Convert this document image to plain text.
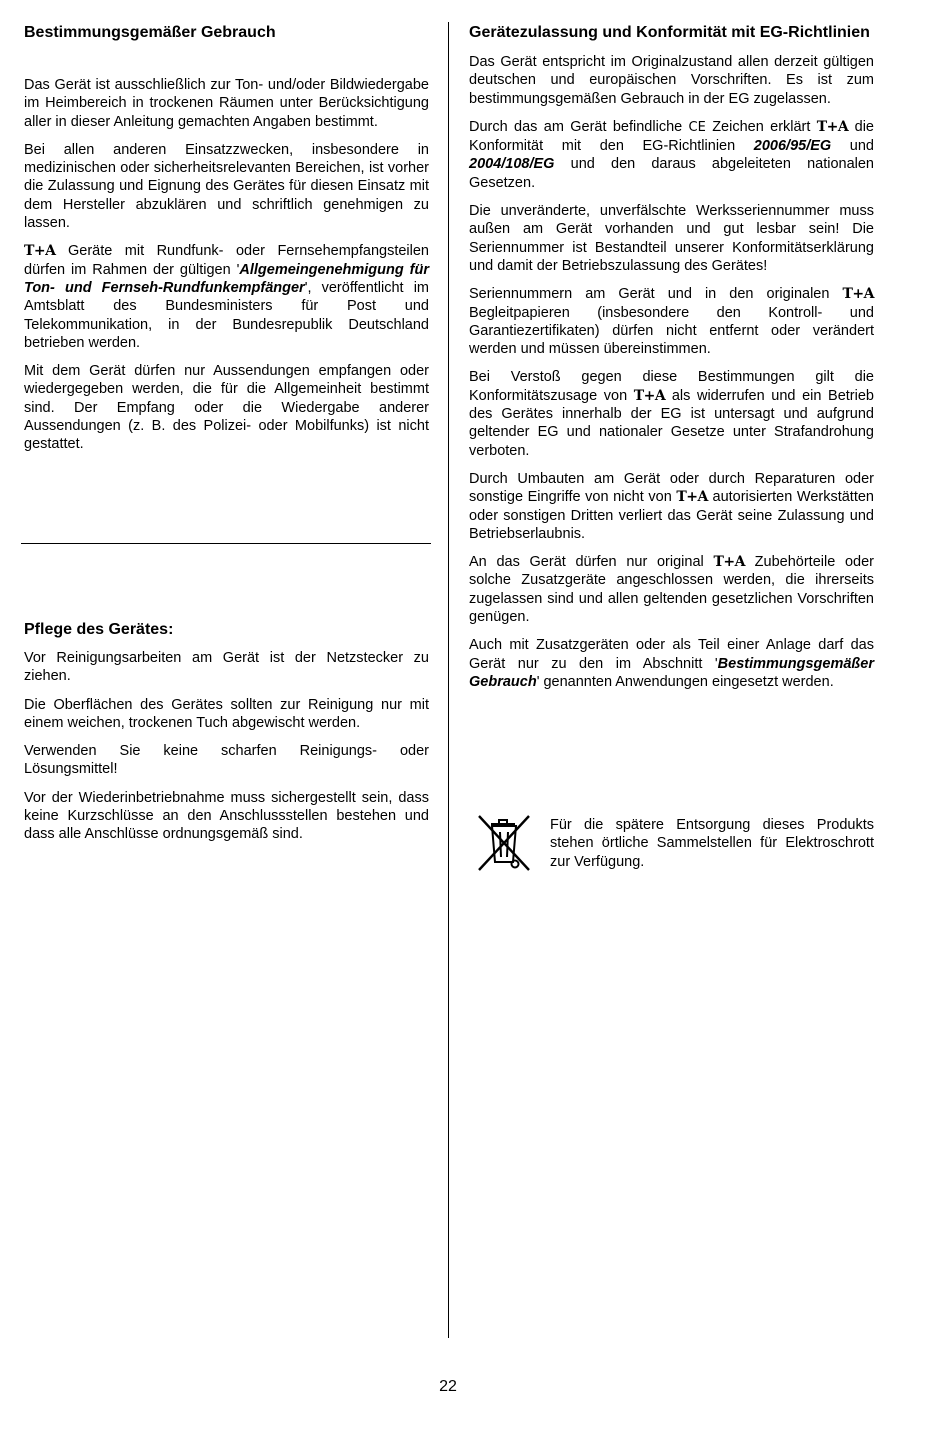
Bestimmungsgemäßer Gebrauch

Das Gerät ist ausschließlich zur Ton- und/oder Bildwiedergabe im Heimbereich in trockenen Räumen unter Berücksichtigung aller in dieser Anleitung gemachten Angaben bestimmt.

Bei allen anderen Einsatzzwecken, insbesondere in medizinischen oder sicherheitsrelevanten Bereichen, ist vorher die Zulassung und Eignung des Gerätes für diesen Einsatz mit dem Hersteller abzuklären und schriftlich genehmigen zu lassen.

T+A Geräte mit Rundfunk- oder Fernsehempfangsteilen dürfen im Rahmen der gültigen 'Allgemeingenehmigung für Ton- und Fernseh-Rundfunkempfänger', veröffentlicht im Amtsblatt des Bundesministers für Post und Telekommunikation, in der Bundesrepublik Deutschland betrieben werden.

Mit dem Gerät dürfen nur Aussendungen empfangen oder wiedergegeben werden, die für die Allgemeinheit bestimmt sind. Der Empfang oder die Wiedergabe anderer Aussendungen (z. B. des Polizei- oder Mobilfunks) ist nicht gestattet.

Pflege des Gerätes:

Vor Reinigungsarbeiten am Gerät ist der Netzstecker zu ziehen.

Die Oberflächen des Gerätes sollten zur Reinigung nur mit einem weichen, trockenen Tuch abgewischt werden.

Verwenden Sie keine scharfen Reinigungs- oder Lösungsmittel!

Vor der Wiederinbetriebnahme muss sichergestellt sein, dass keine Kurzschlüsse an den Anschlussstellen bestehen und dass alle Anschlüsse ordnungsgemäß sind.

Gerätezulassung und Konformität mit EG-Richtlinien

Das Gerät entspricht im Originalzustand allen derzeit gültigen deutschen und europäischen Vorschriften. Es ist zum bestimmungsgemäßen Gebrauch in der EG zugelassen.

Durch das am Gerät befindliche CE Zeichen erklärt T+A die Konformität mit den EG-Richtlinien 2006/95/EG und 2004/108/EG und den daraus abgeleiteten nationalen Gesetzen.

Die unveränderte, unverfälschte Werksseriennummer muss außen am Gerät vorhanden und gut lesbar sein! Die Seriennummer ist Bestandteil unserer Konformitätserklärung und damit der Betriebszulassung des Gerätes!

Seriennummern am Gerät und in den originalen T+A Begleitpapieren (insbesondere den Kontroll- und Garantiezertifikaten) dürfen nicht entfernt oder verändert werden und müssen übereinstimmen.

Bei Verstoß gegen diese Bestimmungen gilt die Konformitätszusage von T+A als widerrufen und ein Betrieb des Gerätes innerhalb der EG ist untersagt und aufgrund geltender EG und nationaler Gesetze unter Strafandrohung verboten.

Durch Umbauten am Gerät oder durch Reparaturen oder sonstige Eingriffe von nicht von T+A autorisierten Werkstätten oder sonstigen Dritten verliert das Gerät seine Zulassung und Betriebserlaubnis.

An das Gerät dürfen nur original T+A Zubehörteile oder solche Zusatzgeräte angeschlossen werden, die ihrerseits zugelassen sind und allen geltenden gesetzlichen Vorschriften genügen.

Auch mit Zusatzgeräten oder als Teil einer Anlage darf das Gerät nur zu den im Abschnitt 'Bestimmungsgemäßer Gebrauch' genannten Anwendungen eingesetzt werden.

Für die spätere Entsorgung dieses Produkts stehen örtliche Sammelstellen für Elektroschrott zur Verfügung.

22
